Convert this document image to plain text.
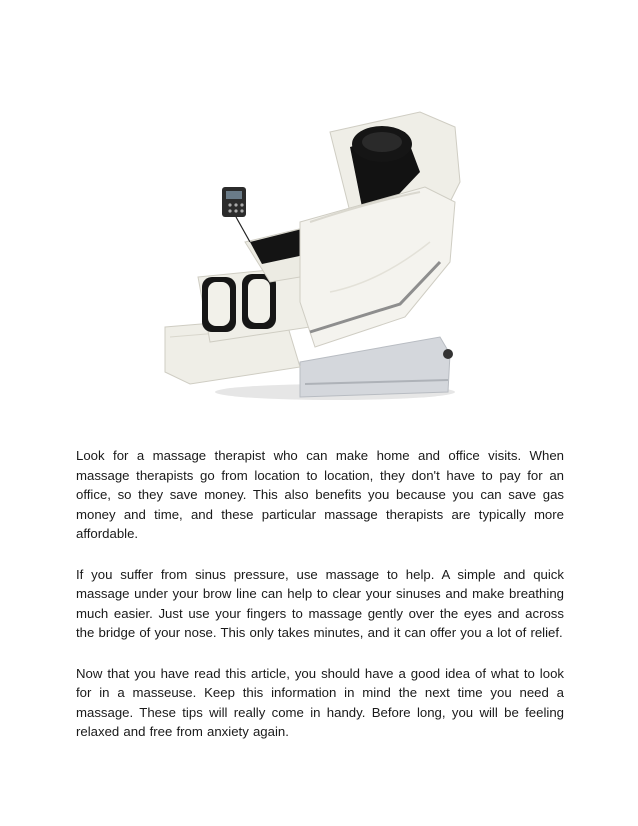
Look for a massage therapist who can make home and office visits. When massage therapists go from location to location, they don't have to pay for an office, so they save money. This also benefits you because you can save gas money and time, and these particular massage therapists are typically more affordable.

If you suffer from sinus pressure, use massage to help. A simple and quick massage under your brow line can help to clear your sinuses and make breathing much easier. Just use your fingers to massage gently over the eyes and across the bridge of your nose. This only takes minutes, and it can offer you a lot of relief.

Now that you have read this article, you should have a good idea of what to look for in a masseuse. Keep this information in mind the next time you need a massage. These tips will really come in handy. Before long, you will be feeling relaxed and free from anxiety again.
